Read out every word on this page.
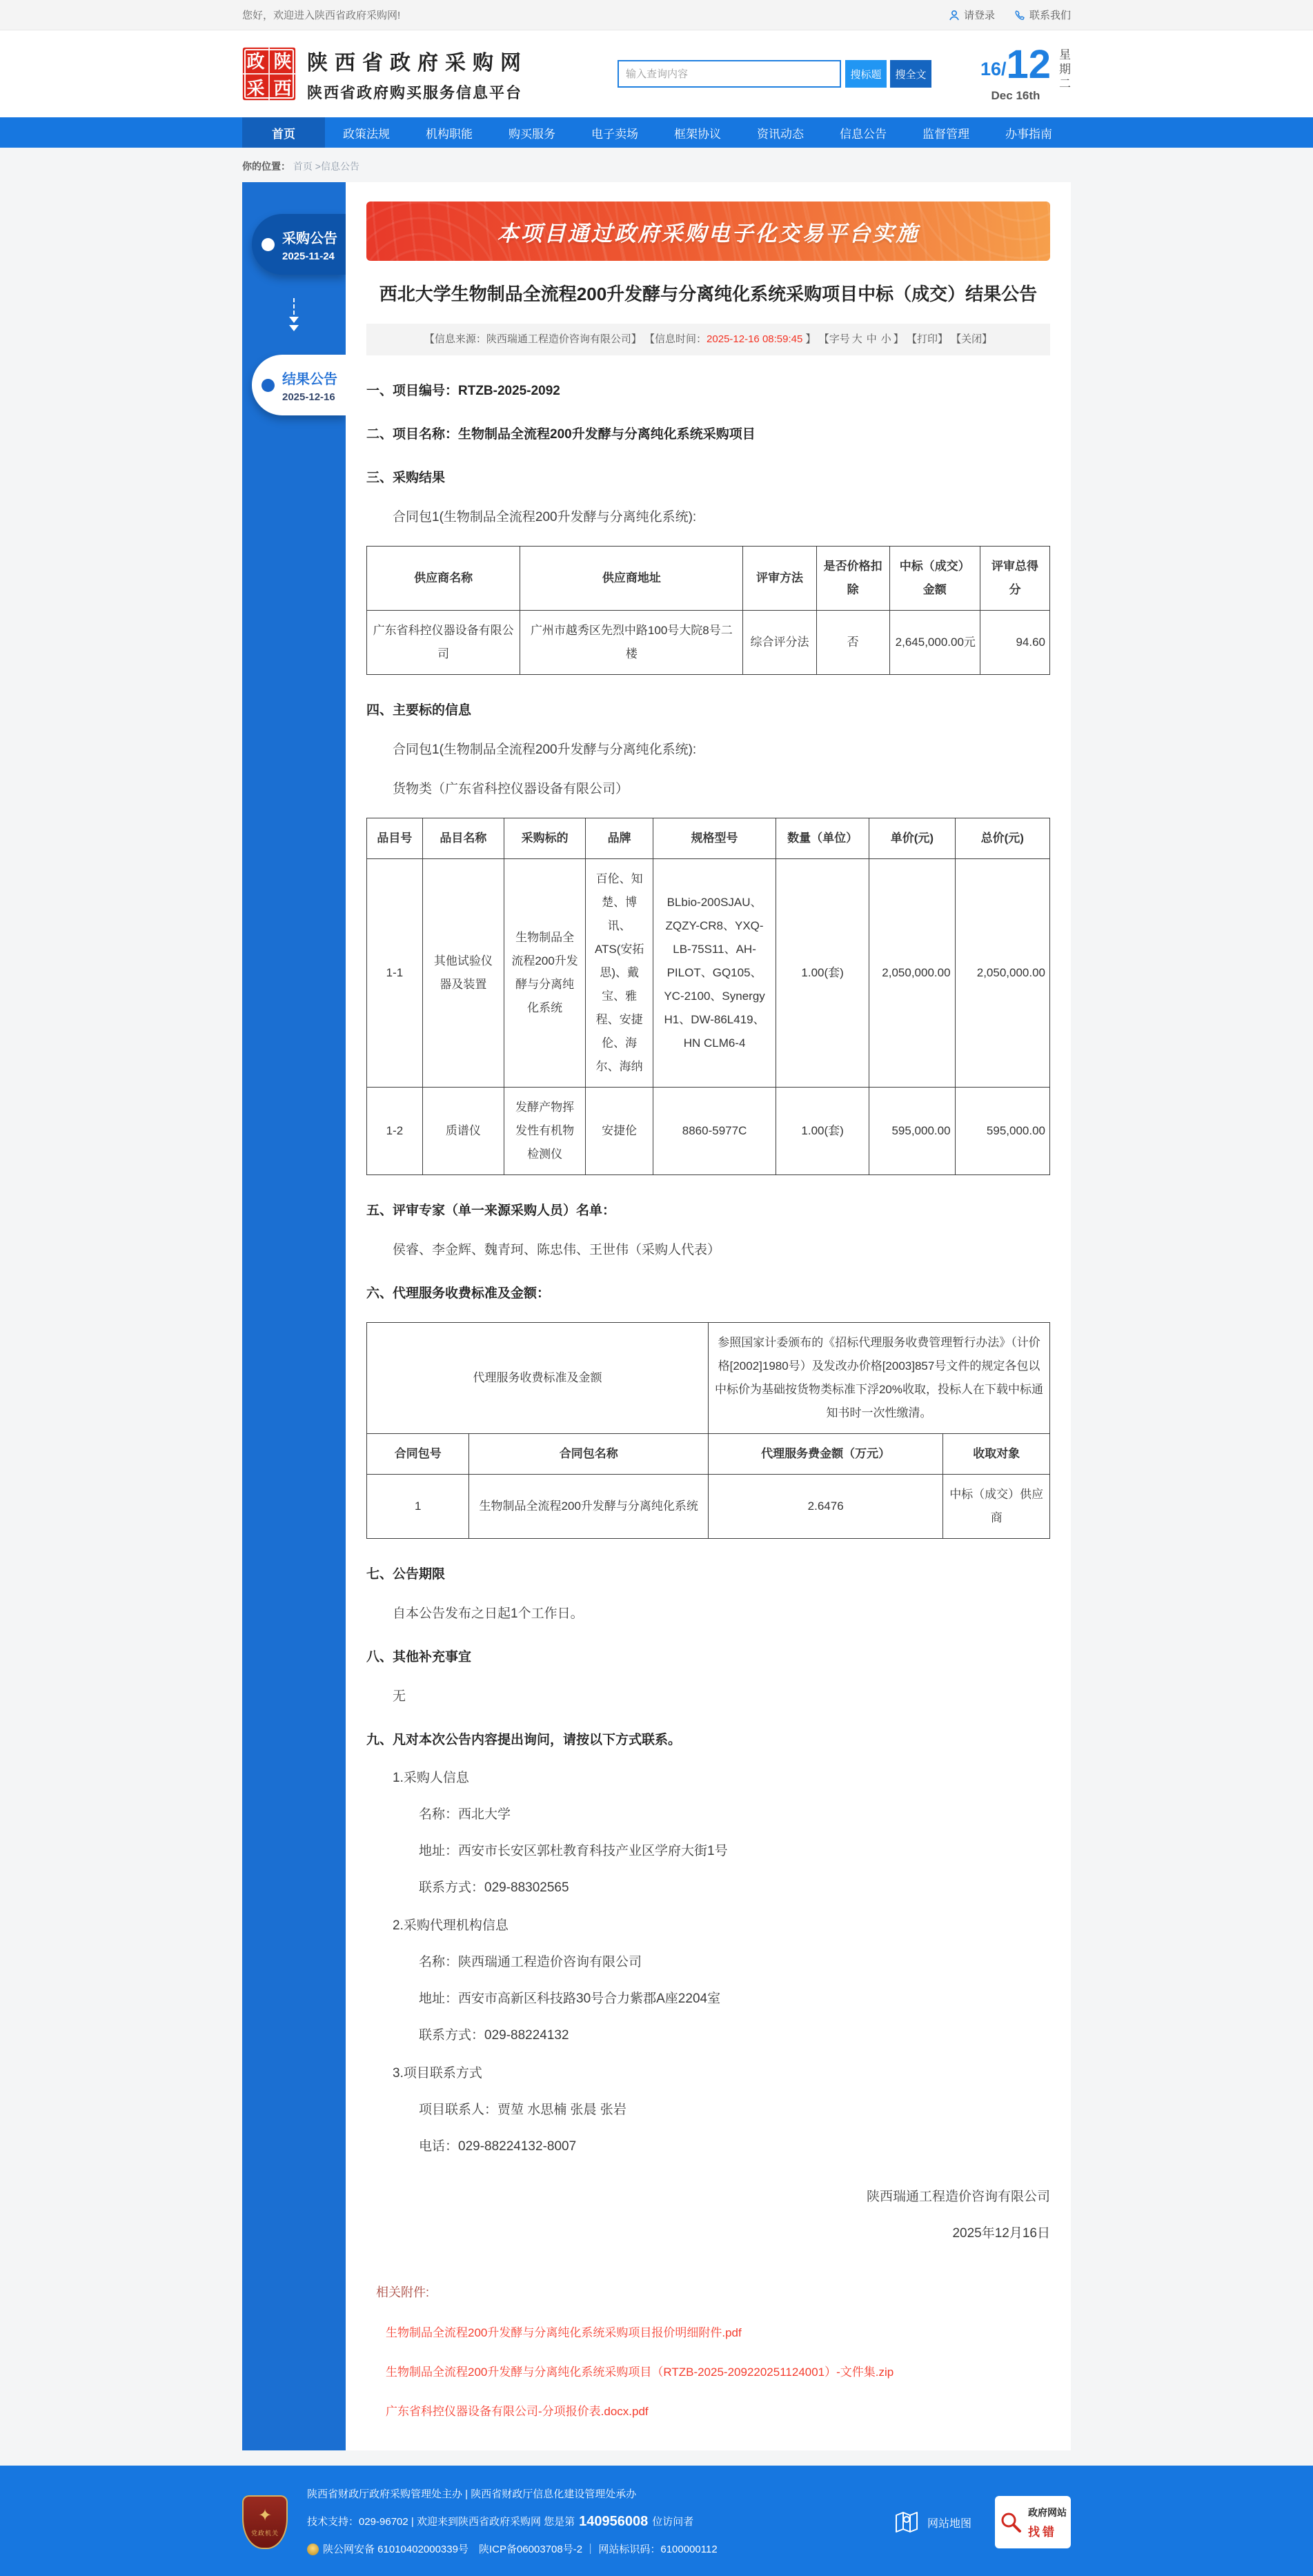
您好，欢迎进入陕西省政府采购网!	请登录	联系我们
政 陕
采 西
陕西省政府采购网
陕西省政府购买服务信息平台
输入查询内容
搜标题	搜全文	16/ 12
Dec 16th
星
期
二
首页	政策法规	机构职能	购买服务	电子卖场	框架协议	资讯动态	信息公告	监督管理	办事指南
你的位置： 首页 >信息公告
采购公告
2025-11-24
结果公告
2025-12-16
本项目通过政府采购电子化交易平台实施
西北大学生物制品全流程200升发酵与分离纯化系统采购项目中标（成交）结果公告
【信息来源：陕西瑞通工程造价咨询有限公司】 【信息时间：2025-12-16 08:59:45 】 【字号 大 中 小 】 【打印】 【关闭】
一、项目编号：RTZB-2025-2092
二、项目名称：生物制品全流程200升发酵与分离纯化系统采购项目
三、采购结果
合同包1(生物制品全流程200升发酵与分离纯化系统):
供应商名称	供应商地址	评审方法	是否价格扣除	中标（成交）金额	评审总得分
广东省科控仪器设备有限公司	广州市越秀区先烈中路100号大院8号二楼	综合评分法	否	2,645,000.00元	94.60
四、主要标的信息
合同包1(生物制品全流程200升发酵与分离纯化系统):
货物类（广东省科控仪器设备有限公司）
品目号	品目名称	采购标的	品牌	规格型号	数量（单位）	单价(元)	总价(元)
1-1	其他试验仪器及装置	生物制品全流程200升发酵与分离纯化系统	百伦、知楚、博讯、ATS(安拓思)、戴宝、雅程、安捷伦、海尔、海纳	BLbio-200SJAU、ZQZY-CR8、YXQ-LB-75S11、AH-PILOT、GQ105、YC-2100、Synergy H1、DW-86L419、HN CLM6-4	1.00(套)	2,050,000.00	2,050,000.00
1-2	质谱仪	发酵产物挥发性有机物检测仪	安捷伦	8860-5977C	1.00(套)	595,000.00	595,000.00
五、评审专家（单一来源采购人员）名单：
侯睿、李金辉、魏青珂、陈忠伟、王世伟（采购人代表）
六、代理服务收费标准及金额：
代理服务收费标准及金额		参照国家计委颁布的《招标代理服务收费管理暂行办法》（计价格[2002]1980号）及发改办价格[2003]857号文件的规定各包以中标价为基础按货物类标准下浮20%收取，投标人在下载中标通知书时一次性缴清。	
合同包号	合同包名称	代理服务费金额（万元）	收取对象
1	生物制品全流程200升发酵与分离纯化系统	2.6476	中标（成交）供应商
七、公告期限
自本公告发布之日起1个工作日。
八、其他补充事宜
无
九、凡对本次公告内容提出询问，请按以下方式联系。
1.采购人信息
名称：西北大学
地址：西安市长安区郭杜教育科技产业区学府大街1号
联系方式：029-88302565
2.采购代理机构信息
名称：陕西瑞通工程造价咨询有限公司
地址：西安市高新区科技路30号合力紫郡A座2204室
联系方式：029-88224132
3.项目联系方式
项目联系人：贾堃 水思楠 张晨 张岩
电话：029-88224132-8007
陕西瑞通工程造价咨询有限公司
2025年12月16日
相关附件:
生物制品全流程200升发酵与分离纯化系统采购项目报价明细附件.pdf
生物制品全流程200升发酵与分离纯化系统采购项目（RTZB-2025-209220251124001）-文件集.zip
广东省科控仪器设备有限公司-分项报价表.docx.pdf
✦
党政机关
陕西省财政厅政府采购管理处主办 | 陕西省财政厅信息化建设管理处承办
技术支持：029-96702 | 欢迎来到陕西省政府采购网 您是第 140956008 位访问者
陕公网安备 61010402000339号　陕ICP备06003708号-2 ｜ 网站标识码：6100000112
网站地图
政府网站
找错
